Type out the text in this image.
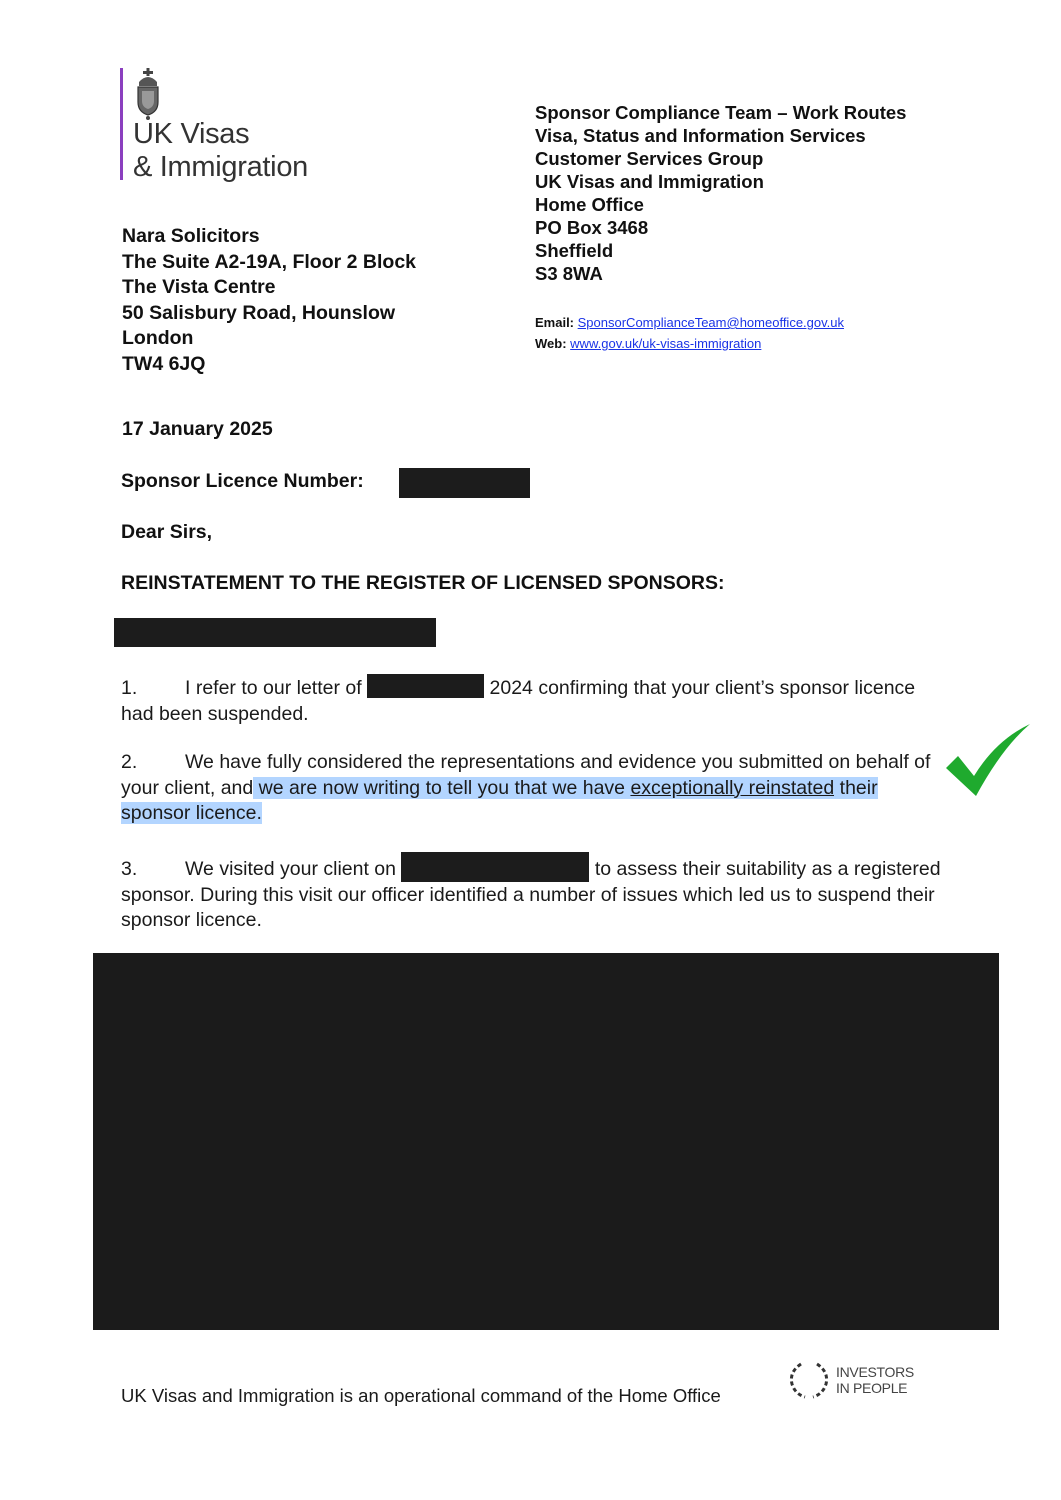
UK Visas
& Immigration
Sponsor Compliance Team – Work Routes
Visa, Status and Information Services
Customer Services Group
UK Visas and Immigration
Home Office
PO Box 3468
Sheffield
S3 8WA
Email: SponsorComplianceTeam@homeoffice.gov.uk
Web: www.gov.uk/uk-visas-immigration
Nara Solicitors
The Suite A2-19A, Floor 2 Block
The Vista Centre
50 Salisbury Road, Hounslow
London
TW4 6JQ
17 January 2025
Sponsor Licence Number:
Dear Sirs,
REINSTATEMENT TO THE REGISTER OF LICENSED SPONSORS:
1. I refer to our letter of	2024 confirming that your client’s sponsor licence had been suspended.
2. We have fully considered the representations and evidence you submitted on behalf of your client, and we are now writing to tell you that we have exceptionally reinstated their sponsor licence.
3. We visited your client on	to assess their suitability as a registered sponsor. During this visit our officer identified a number of issues which led us to suspend their sponsor licence.
UK Visas and Immigration is an operational command of the Home Office
INVESTORS
IN PEOPLE
